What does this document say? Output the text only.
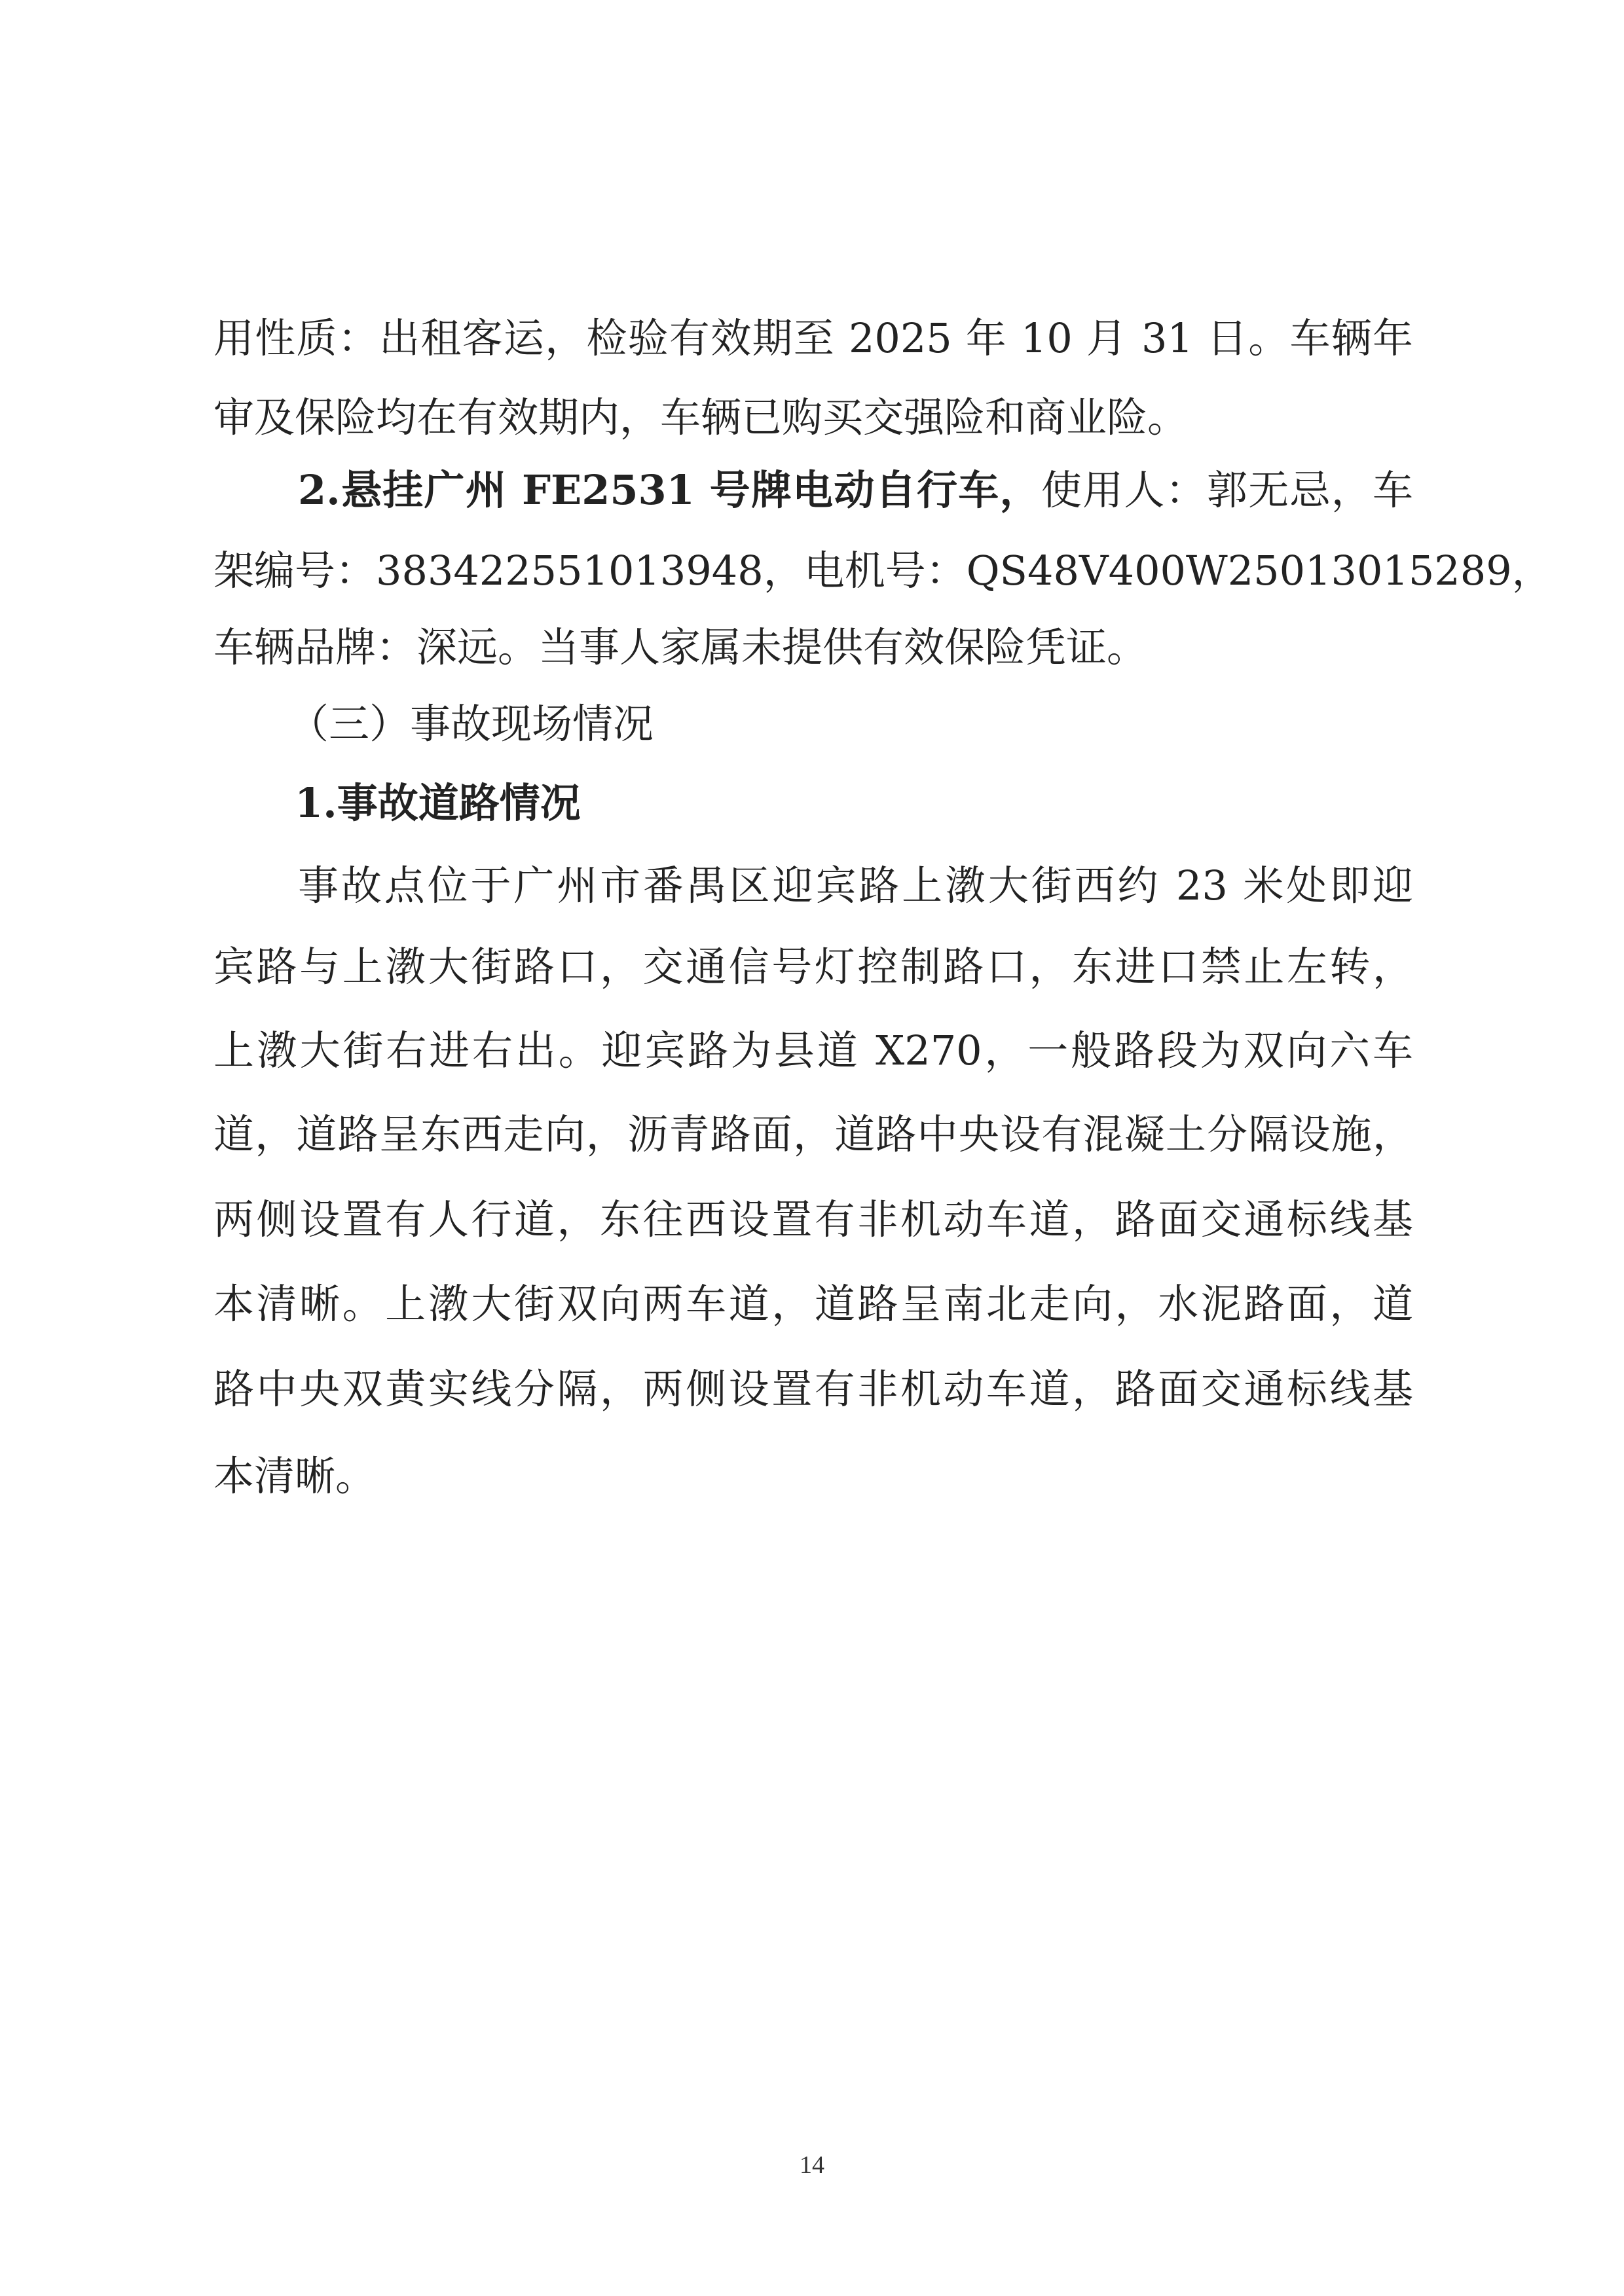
用性质：出租客运，检验有效期至 2025 年 10 月 31 日。车辆年
审及保险均在有效期内，车辆已购买交强险和商业险。
2.悬挂广州 FE2531 号牌电动自行车，使用人：郭无忌，车
架编号：383422551013948，电机号：QS48V400W25013015289，
车辆品牌：深远。当事人家属未提供有效保险凭证。
（三）事故现场情况
1.事故道路情况
事故点位于广州市番禺区迎宾路上漖大街西约 23 米处即迎
宾路与上漖大街路口，交通信号灯控制路口，东进口禁止左转，
上漖大街右进右出。迎宾路为县道 X270，一般路段为双向六车
道，道路呈东西走向，沥青路面，道路中央设有混凝土分隔设施，
两侧设置有人行道，东往西设置有非机动车道，路面交通标线基
本清晰。上漖大街双向两车道，道路呈南北走向，水泥路面，道
路中央双黄实线分隔，两侧设置有非机动车道，路面交通标线基
本清晰。
14
